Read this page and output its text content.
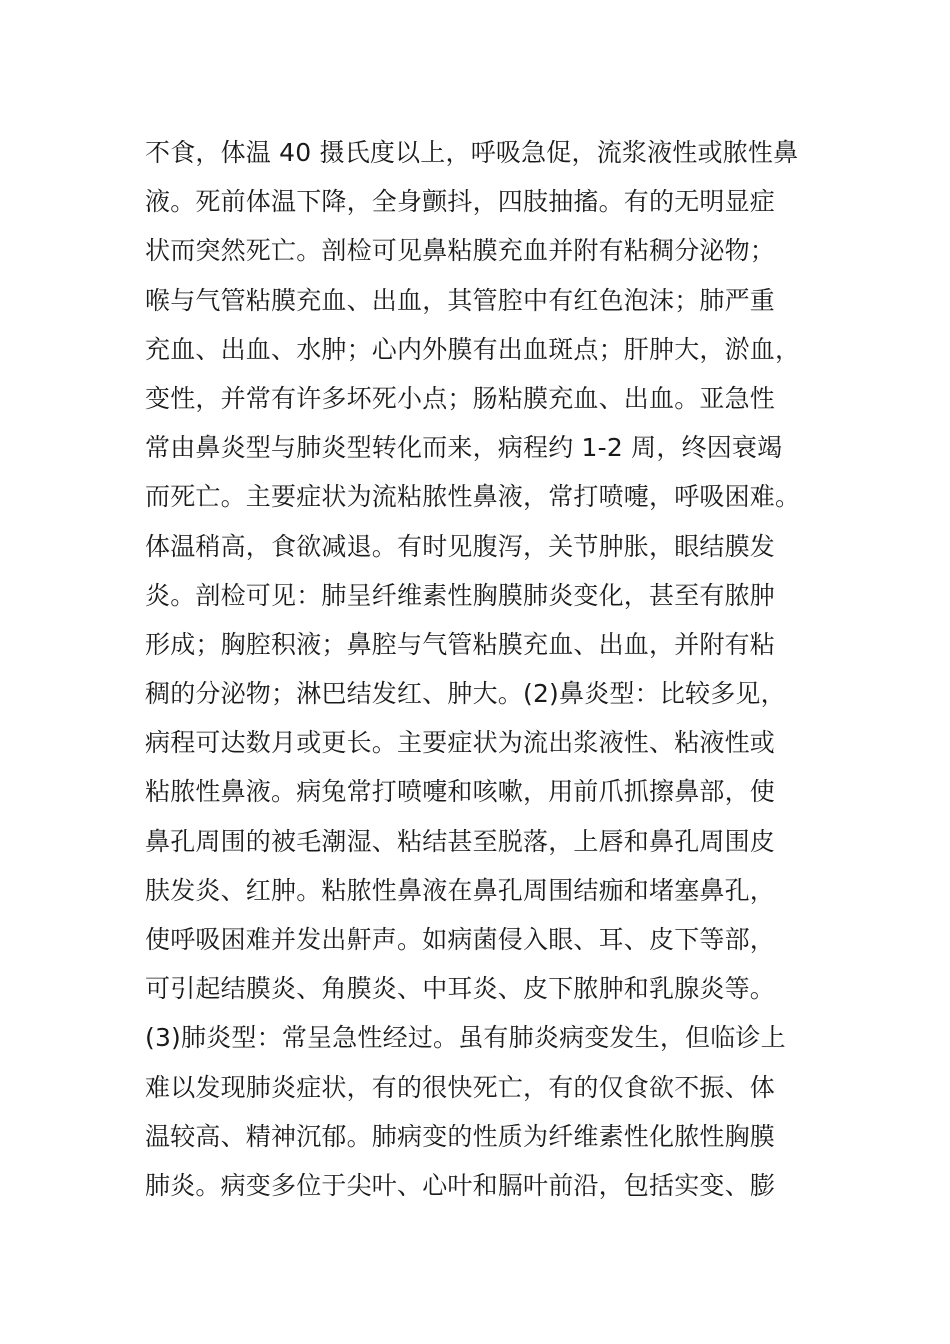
不食，体温 40 摄氏度以上，呼吸急促，流浆液性或脓性鼻
液。死前体温下降，全身颤抖，四肢抽搐。有的无明显症
状而突然死亡。剖检可见鼻粘膜充血并附有粘稠分泌物；
喉与气管粘膜充血、出血，其管腔中有红色泡沫；肺严重
充血、出血、水肿；心内外膜有出血斑点；肝肿大，淤血，
变性，并常有许多坏死小点；肠粘膜充血、出血。亚急性
常由鼻炎型与肺炎型转化而来，病程约 1-2 周，终因衰竭
而死亡。主要症状为流粘脓性鼻液，常打喷嚏，呼吸困难。
体温稍高，食欲减退。有时见腹泻，关节肿胀，眼结膜发
炎。剖检可见：肺呈纤维素性胸膜肺炎变化，甚至有脓肿
形成；胸腔积液；鼻腔与气管粘膜充血、出血，并附有粘
稠的分泌物；淋巴结发红、肿大。(2)鼻炎型：比较多见，
病程可达数月或更长。主要症状为流出浆液性、粘液性或
粘脓性鼻液。病兔常打喷嚏和咳嗽，用前爪抓擦鼻部，使
鼻孔周围的被毛潮湿、粘结甚至脱落，上唇和鼻孔周围皮
肤发炎、红肿。粘脓性鼻液在鼻孔周围结痂和堵塞鼻孔，
使呼吸困难并发出鼾声。如病菌侵入眼、耳、皮下等部，
可引起结膜炎、角膜炎、中耳炎、皮下脓肿和乳腺炎等。
(3)肺炎型：常呈急性经过。虽有肺炎病变发生，但临诊上
难以发现肺炎症状，有的很快死亡，有的仅食欲不振、体
温较高、精神沉郁。肺病变的性质为纤维素性化脓性胸膜
肺炎。病变多位于尖叶、心叶和膈叶前沿，包括实变、膨
